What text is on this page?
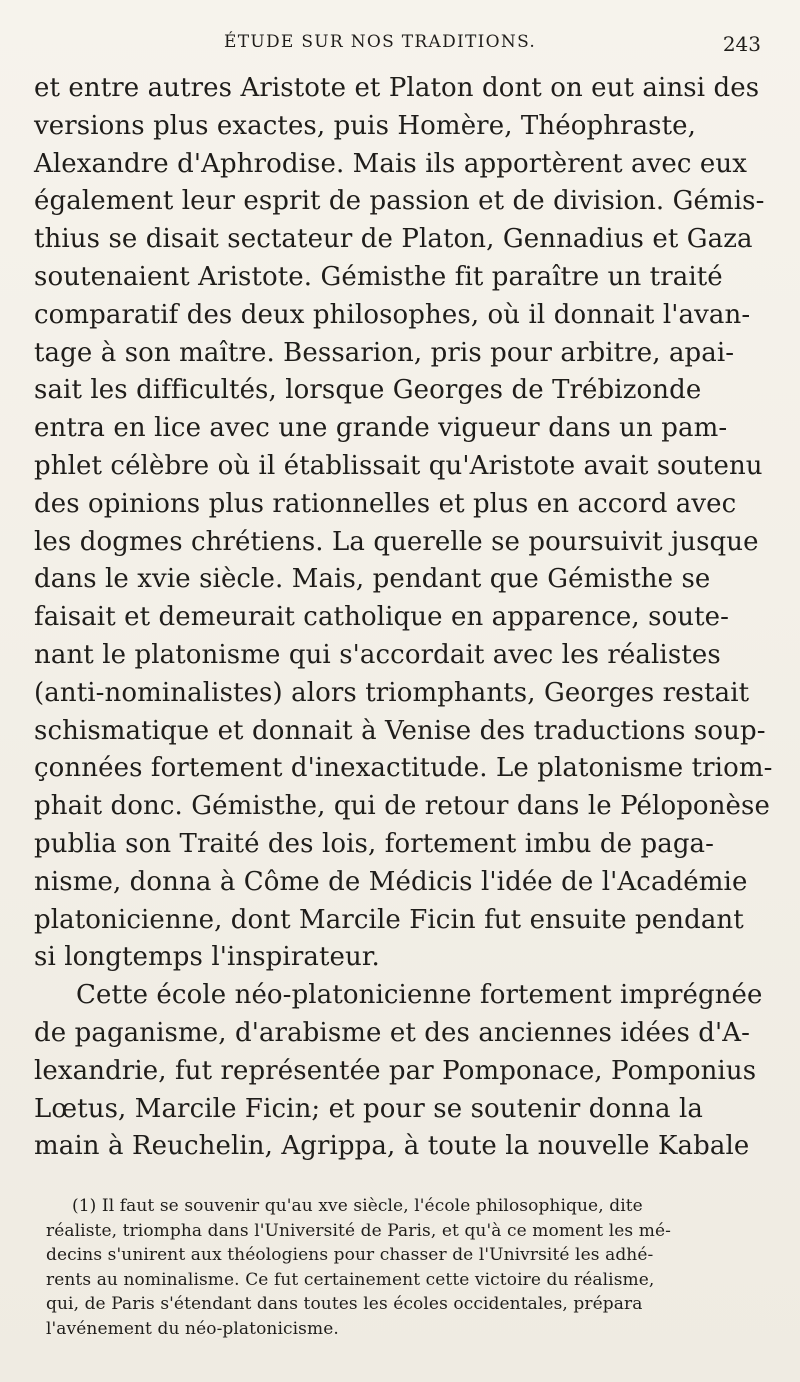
ÉTUDE SUR NOS TRADITIONS.	243
et entre autres Aristote et Platon dont on eut ainsi des
versions plus exactes, puis Homère, Théophraste,
Alexandre d'Aphrodise. Mais ils apportèrent avec eux
également leur esprit de passion et de division. Gémis-
thius se disait sectateur de Platon, Gennadius et Gaza
soutenaient Aristote. Gémisthe fit paraître un traité
comparatif des deux philosophes, où il donnait l'avan-
tage à son maître. Bessarion, pris pour arbitre, apai-
sait les difficultés, lorsque Georges de Trébizonde
entra en lice avec une grande vigueur dans un pam-
phlet célèbre où il établissait qu'Aristote avait soutenu
des opinions plus rationnelles et plus en accord avec
les dogmes chrétiens. La querelle se poursuivit jusque
dans le xvie siècle. Mais, pendant que Gémisthe se
faisait et demeurait catholique en apparence, soute-
nant le platonisme qui s'accordait avec les réalistes
(anti-nominalistes) alors triomphants, Georges restait
schismatique et donnait à Venise des traductions soup-
çonnées fortement d'inexactitude. Le platonisme triom-
phait donc. Gémisthe, qui de retour dans le Péloponèse
publia son Traité des lois, fortement imbu de paga-
nisme, donna à Côme de Médicis l'idée de l'Académie
platonicienne, dont Marcile Ficin fut ensuite pendant
si longtemps l'inspirateur.
Cette école néo-platonicienne fortement imprégnée
de paganisme, d'arabisme et des anciennes idées d'A-
lexandrie, fut représentée par Pomponace, Pomponius
Lœtus, Marcile Ficin; et pour se soutenir donna la
main à Reuchelin, Agrippa, à toute la nouvelle Kabale
(1) Il faut se souvenir qu'au xve siècle, l'école philosophique, dite
réaliste, triompha dans l'Université de Paris, et qu'à ce moment les mé-
decins s'unirent aux théologiens pour chasser de l'Univrsité les adhé-
rents au nominalisme. Ce fut certainement cette victoire du réalisme,
qui, de Paris s'étendant dans toutes les écoles occidentales, prépara
l'avénement du néo-platonicisme.
